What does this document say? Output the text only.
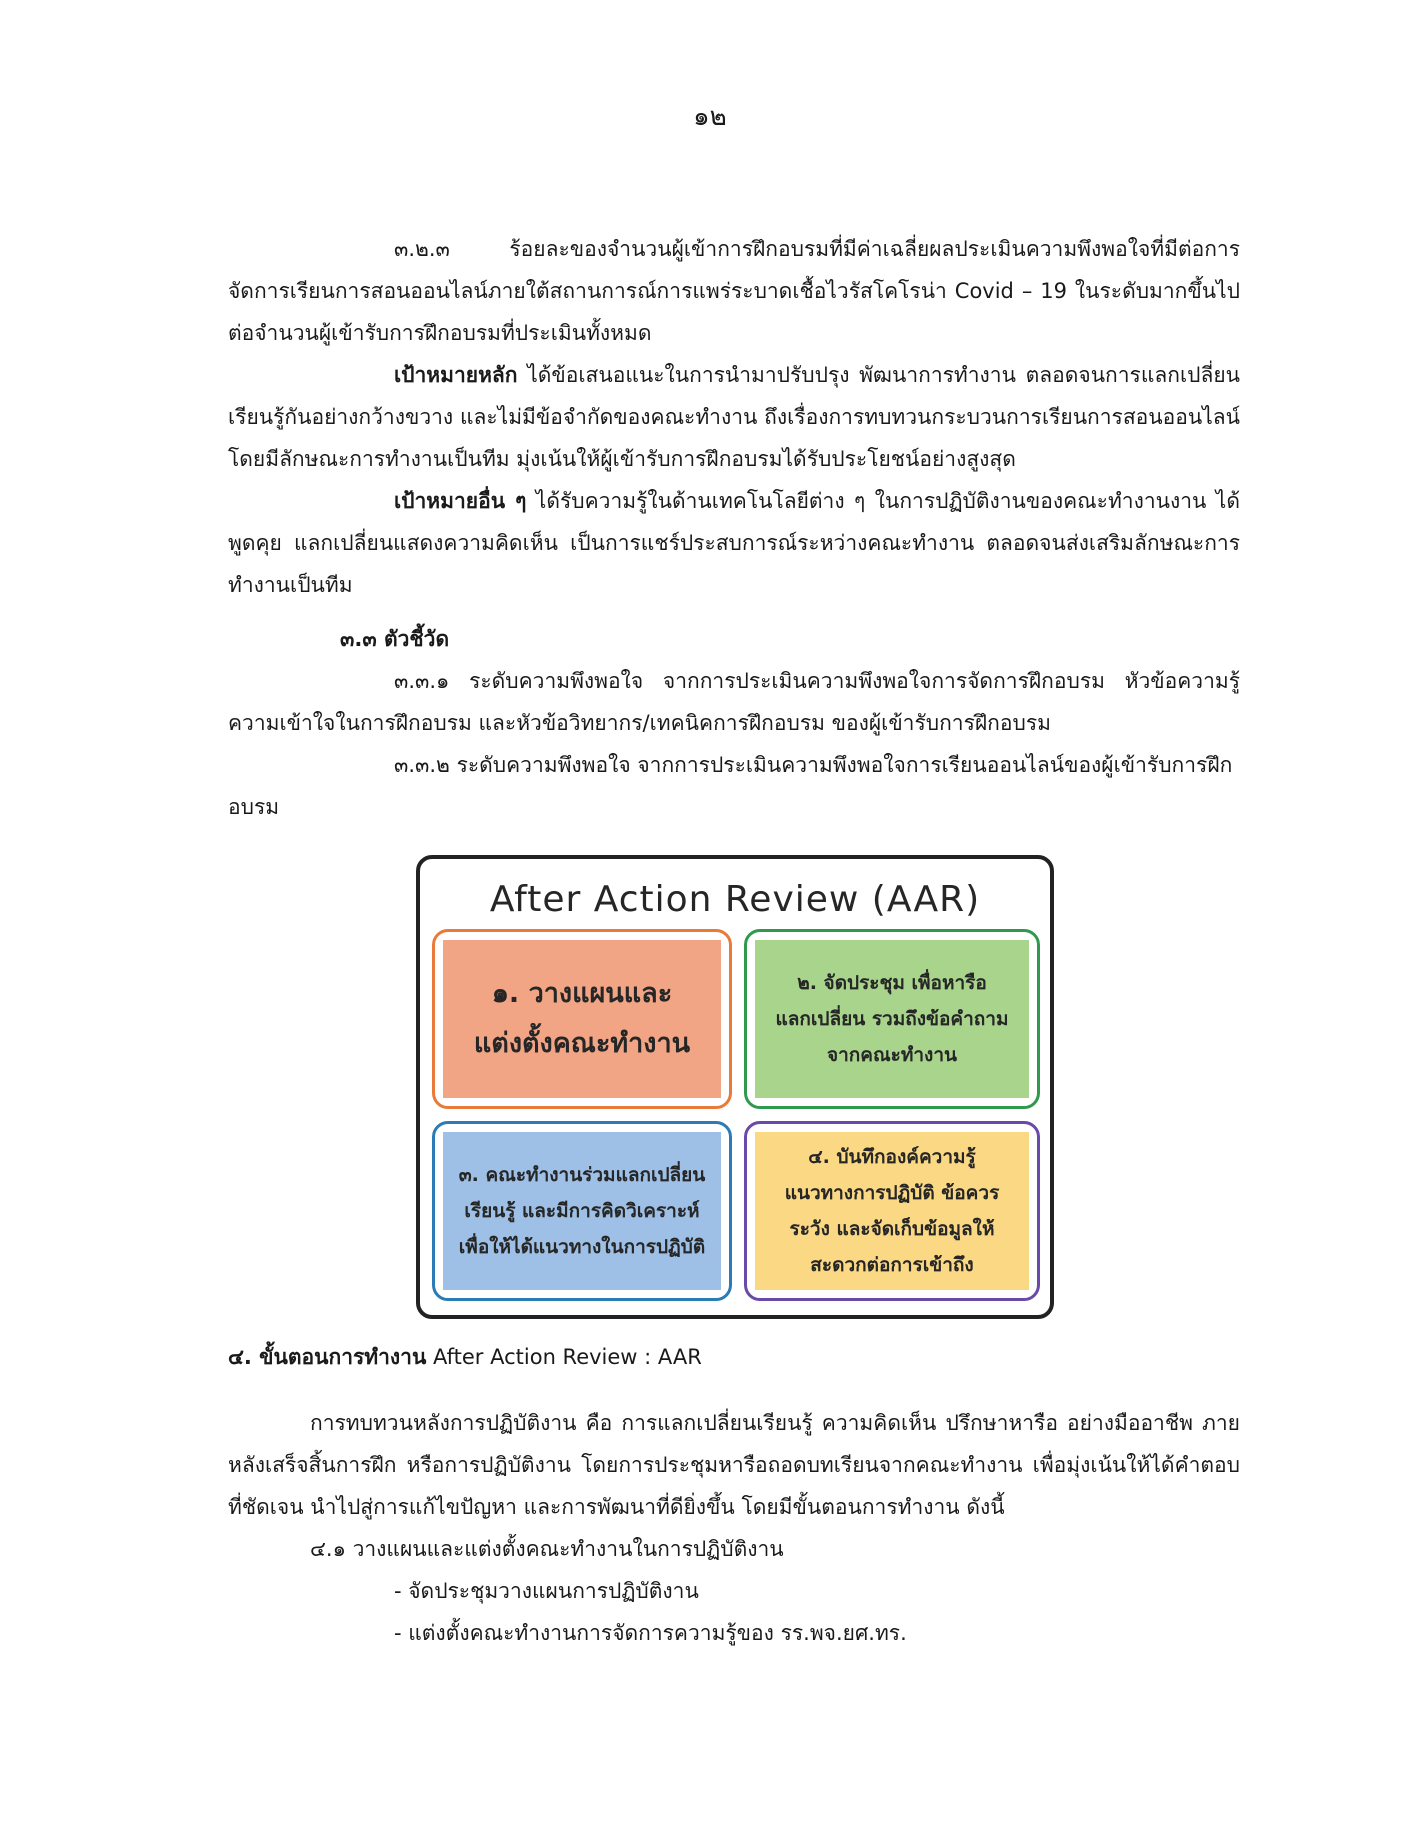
๑๒

๓.๒.๓ ร้อยละของจำนวนผู้เข้าการฝึกอบรมที่มีค่าเฉลี่ยผลประเมินความพึงพอใจที่มีต่อการจัดการเรียนการสอนออนไลน์ภายใต้สถานการณ์การแพร่ระบาดเชื้อไวรัสโคโรน่า Covid – 19 ในระดับมากขึ้นไป ต่อจำนวนผู้เข้ารับการฝึกอบรมที่ประเมินทั้งหมด

เป้าหมายหลัก ได้ข้อเสนอแนะในการนำมาปรับปรุง พัฒนาการทำงาน ตลอดจนการแลกเปลี่ยนเรียนรู้กันอย่างกว้างขวาง และไม่มีข้อจำกัดของคณะทำงาน ถึงเรื่องการทบทวนกระบวนการเรียนการสอนออนไลน์ โดยมีลักษณะการทำงานเป็นทีม มุ่งเน้นให้ผู้เข้ารับการฝึกอบรมได้รับประโยชน์อย่างสูงสุด

เป้าหมายอื่น ๆ ได้รับความรู้ในด้านเทคโนโลยีต่าง ๆ ในการปฏิบัติงานของคณะทำงานงาน ได้พูดคุย แลกเปลี่ยนแสดงความคิดเห็น เป็นการแชร์ประสบการณ์ระหว่างคณะทำงาน ตลอดจนส่งเสริมลักษณะการทำงานเป็นทีม

๓.๓ ตัวชี้วัด

๓.๓.๑ ระดับความพึงพอใจ จากการประเมินความพึงพอใจการจัดการฝึกอบรม หัวข้อความรู้ความเข้าใจในการฝึกอบรม และหัวข้อวิทยากร/เทคนิคการฝึกอบรม ของผู้เข้ารับการฝึกอบรม

๓.๓.๒ ระดับความพึงพอใจ จากการประเมินความพึงพอใจการเรียนออนไลน์ของผู้เข้ารับการฝึกอบรม

After Action Review (AAR)
๑. วางแผนและ
แต่งตั้งคณะทำงาน
๒. จัดประชุม เพื่อหารือ
แลกเปลี่ยน รวมถึงข้อคำถาม
จากคณะทำงาน
๓. คณะทำงานร่วมแลกเปลี่ยน
เรียนรู้ และมีการคิดวิเคราะห์
เพื่อให้ได้แนวทางในการปฏิบัติ
๔. บันทึกองค์ความรู้
แนวทางการปฏิบัติ ข้อควร
ระวัง และจัดเก็บข้อมูลให้
สะดวกต่อการเข้าถึง

๔. ขั้นตอนการทำงาน After Action Review : AAR

การทบทวนหลังการปฏิบัติงาน คือ การแลกเปลี่ยนเรียนรู้ ความคิดเห็น ปรึกษาหารือ อย่างมืออาชีพ ภายหลังเสร็จสิ้นการฝึก หรือการปฏิบัติงาน โดยการประชุมหารือถอดบทเรียนจากคณะทำงาน เพื่อมุ่งเน้นให้ได้คำตอบที่ชัดเจน นำไปสู่การแก้ไขปัญหา และการพัฒนาที่ดียิ่งขึ้น โดยมีขั้นตอนการทำงาน ดังนี้

๔.๑ วางแผนและแต่งตั้งคณะทำงานในการปฏิบัติงาน

- จัดประชุมวางแผนการปฏิบัติงาน

- แต่งตั้งคณะทำงานการจัดการความรู้ของ รร.พจ.ยศ.ทร.
